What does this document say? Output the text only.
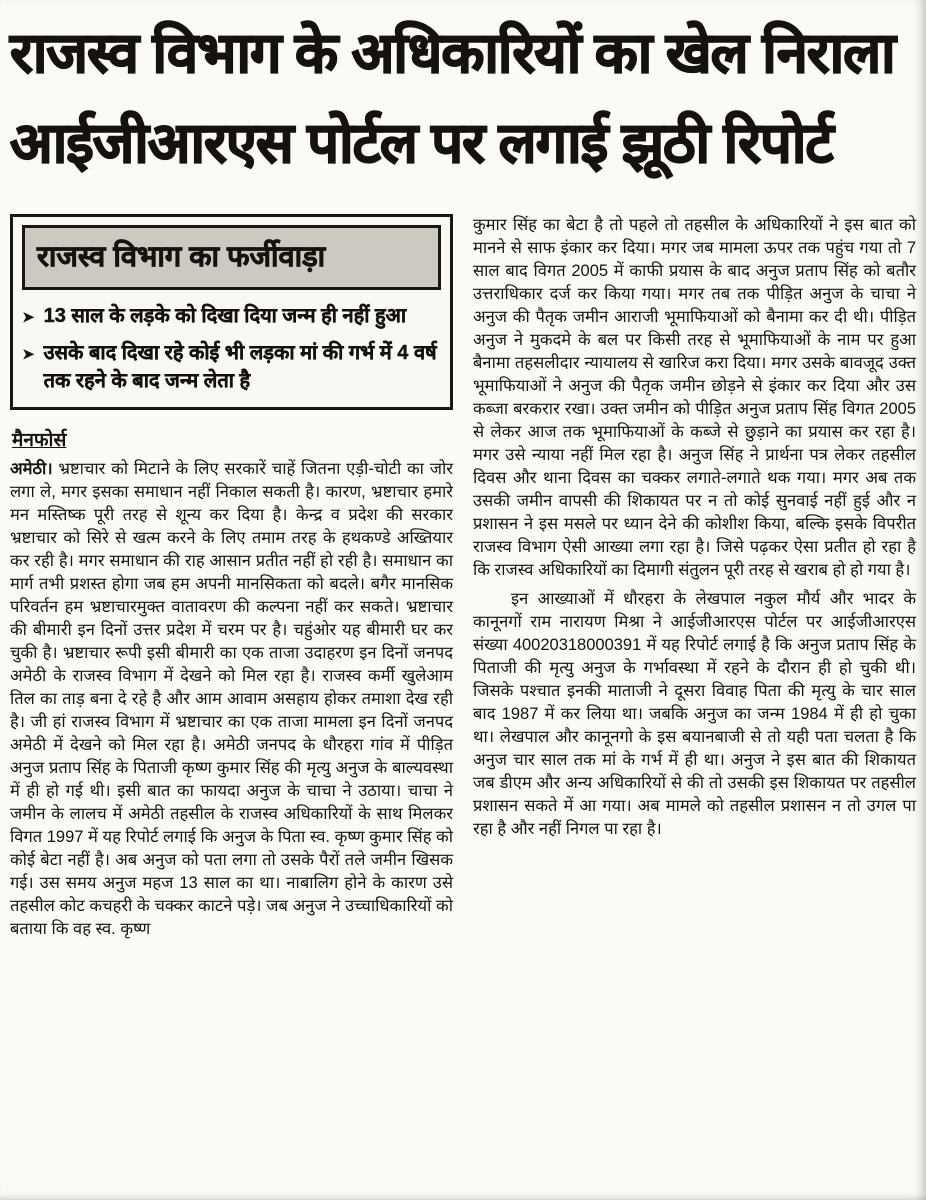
राजस्व विभाग के अधिकारियों का खेल निराला
आईजीआरएस पोर्टल पर लगाई झूठी रिपोर्ट
राजस्व विभाग का फर्जीवाड़ा
➤ 13 साल के लड़के को दिखा दिया जन्म ही नहीं हुआ
➤ उसके बाद दिखा रहे कोई भी लड़का मां की गर्भ में 4 वर्ष तक रहने के बाद जन्म लेता है
मैनफोर्स

अमेठी। भ्रष्टाचार को मिटाने के लिए सरकारें चाहें जितना एड़ी-चोटी का जोर लगा ले, मगर इसका समाधान नहीं निकाल सकती है। कारण, भ्रष्टाचार हमारे मन मस्तिष्क पूरी तरह से शून्य कर दिया है। केन्द्र व प्रदेश की सरकार भ्रष्टाचार को सिरे से खत्म करने के लिए तमाम तरह के हथकण्डे अख्तियार कर रही है। मगर समाधान की राह आसान प्रतीत नहीं हो रही है। समाधान का मार्ग तभी प्रशस्त होगा जब हम अपनी मानसिकता को बदले। बगैर मानसिक परिवर्तन हम भ्रष्टाचारमुक्त वातावरण की कल्पना नहीं कर सकते। भ्रष्टाचार की बीमारी इन दिनों उत्तर प्रदेश में चरम पर है। चहुंओर यह बीमारी घर कर चुकी है। भ्रष्टाचार रूपी इसी बीमारी का एक ताजा उदाहरण इन दिनों जनपद अमेठी के राजस्व विभाग में देखने को मिल रहा है। राजस्व कर्मी खुलेआम तिल का ताड़ बना दे रहे है और आम आवाम असहाय होकर तमाशा देख रही है। जी हां राजस्व विभाग में भ्रष्टाचार का एक ताजा मामला इन दिनों जनपद अमेठी में देखने को मिल रहा है। अमेठी जनपद के धौरहरा गांव में पीड़ित अनुज प्रताप सिंह के पिताजी कृष्ण कुमार सिंह की मृत्यु अनुज के बाल्यवस्था में ही हो गई थी। इसी बात का फायदा अनुज के चाचा ने उठाया। चाचा ने जमीन के लालच में अमेठी तहसील के राजस्व अधिकारियों के साथ मिलकर विगत 1997 में यह रिपोर्ट लगाई कि अनुज के पिता स्व. कृष्ण कुमार सिंह को कोई बेटा नहीं है। अब अनुज को पता लगा तो उसके पैरों तले जमीन खिसक गई। उस समय अनुज महज 13 साल का था। नाबालिग होने के कारण उसे तहसील कोट कचहरी के चक्कर काटने पड़े। जब अनुज ने उच्चाधिकारियों को बताया कि वह स्व. कृष्ण

कुमार सिंह का बेटा है तो पहले तो तहसील के अधिकारियों ने इस बात को मानने से साफ इंकार कर दिया। मगर जब मामला ऊपर तक पहुंच गया तो 7 साल बाद विगत 2005 में काफी प्रयास के बाद अनुज प्रताप सिंह को बतौर उत्तराधिकार दर्ज कर किया गया। मगर तब तक पीड़ित अनुज के चाचा ने अनुज की पैतृक जमीन आराजी भूमाफियाओं को बैनामा कर दी थी। पीड़ित अनुज ने मुकदमे के बल पर किसी तरह से भूमाफियाओं के नाम पर हुआ बैनामा तहसलीदार न्यायालय से खारिज करा दिया। मगर उसके बावजूद उक्त भूमाफियाओं ने अनुज की पैतृक जमीन छोड़ने से इंकार कर दिया और उस कब्जा बरकरार रखा। उक्त जमीन को पीड़ित अनुज प्रताप सिंह विगत 2005 से लेकर आज तक भूमाफियाओं के कब्जे से छुड़ाने का प्रयास कर रहा है। मगर उसे न्याया नहीं मिल रहा है। अनुज सिंह ने प्रार्थना पत्र लेकर तहसील दिवस और थाना दिवस का चक्कर लगाते-लगाते थक गया। मगर अब तक उसकी जमीन वापसी की शिकायत पर न तो कोई सुनवाई नहीं हुई और न प्रशासन ने इस मसले पर ध्यान देने की कोशीश किया, बल्कि इसके विपरीत राजस्व विभाग ऐसी आख्या लगा रहा है। जिसे पढ़कर ऐसा प्रतीत हो रहा है कि राजस्व अधिकारियों का दिमागी संतुलन पूरी तरह से खराब हो हो गया है।

इन आख्याओं में धौरहरा के लेखपाल नकुल मौर्य और भादर के कानूनगों राम नारायण मिश्रा ने आईजीआरएस पोर्टल पर आईजीआरएस संख्या 40020318000391 में यह रिपोर्ट लगाई है कि अनुज प्रताप सिंह के पिताजी की मृत्यु अनुज के गर्भावस्था में रहने के दौरान ही हो चुकी थी। जिसके पश्चात इनकी माताजी ने दूसरा विवाह पिता की मृत्यु के चार साल बाद 1987 में कर लिया था। जबकि अनुज का जन्म 1984 में ही हो चुका था। लेखपाल और कानूनगो के इस बयानबाजी से तो यही पता चलता है कि अनुज चार साल तक मां के गर्भ में ही था। अनुज ने इस बात की शिकायत जब डीएम और अन्य अधिकारियों से की तो उसकी इस शिकायत पर तहसील प्रशासन सकते में आ गया। अब मामले को तहसील प्रशासन न तो उगल पा रहा है और नहीं निगल पा रहा है।
